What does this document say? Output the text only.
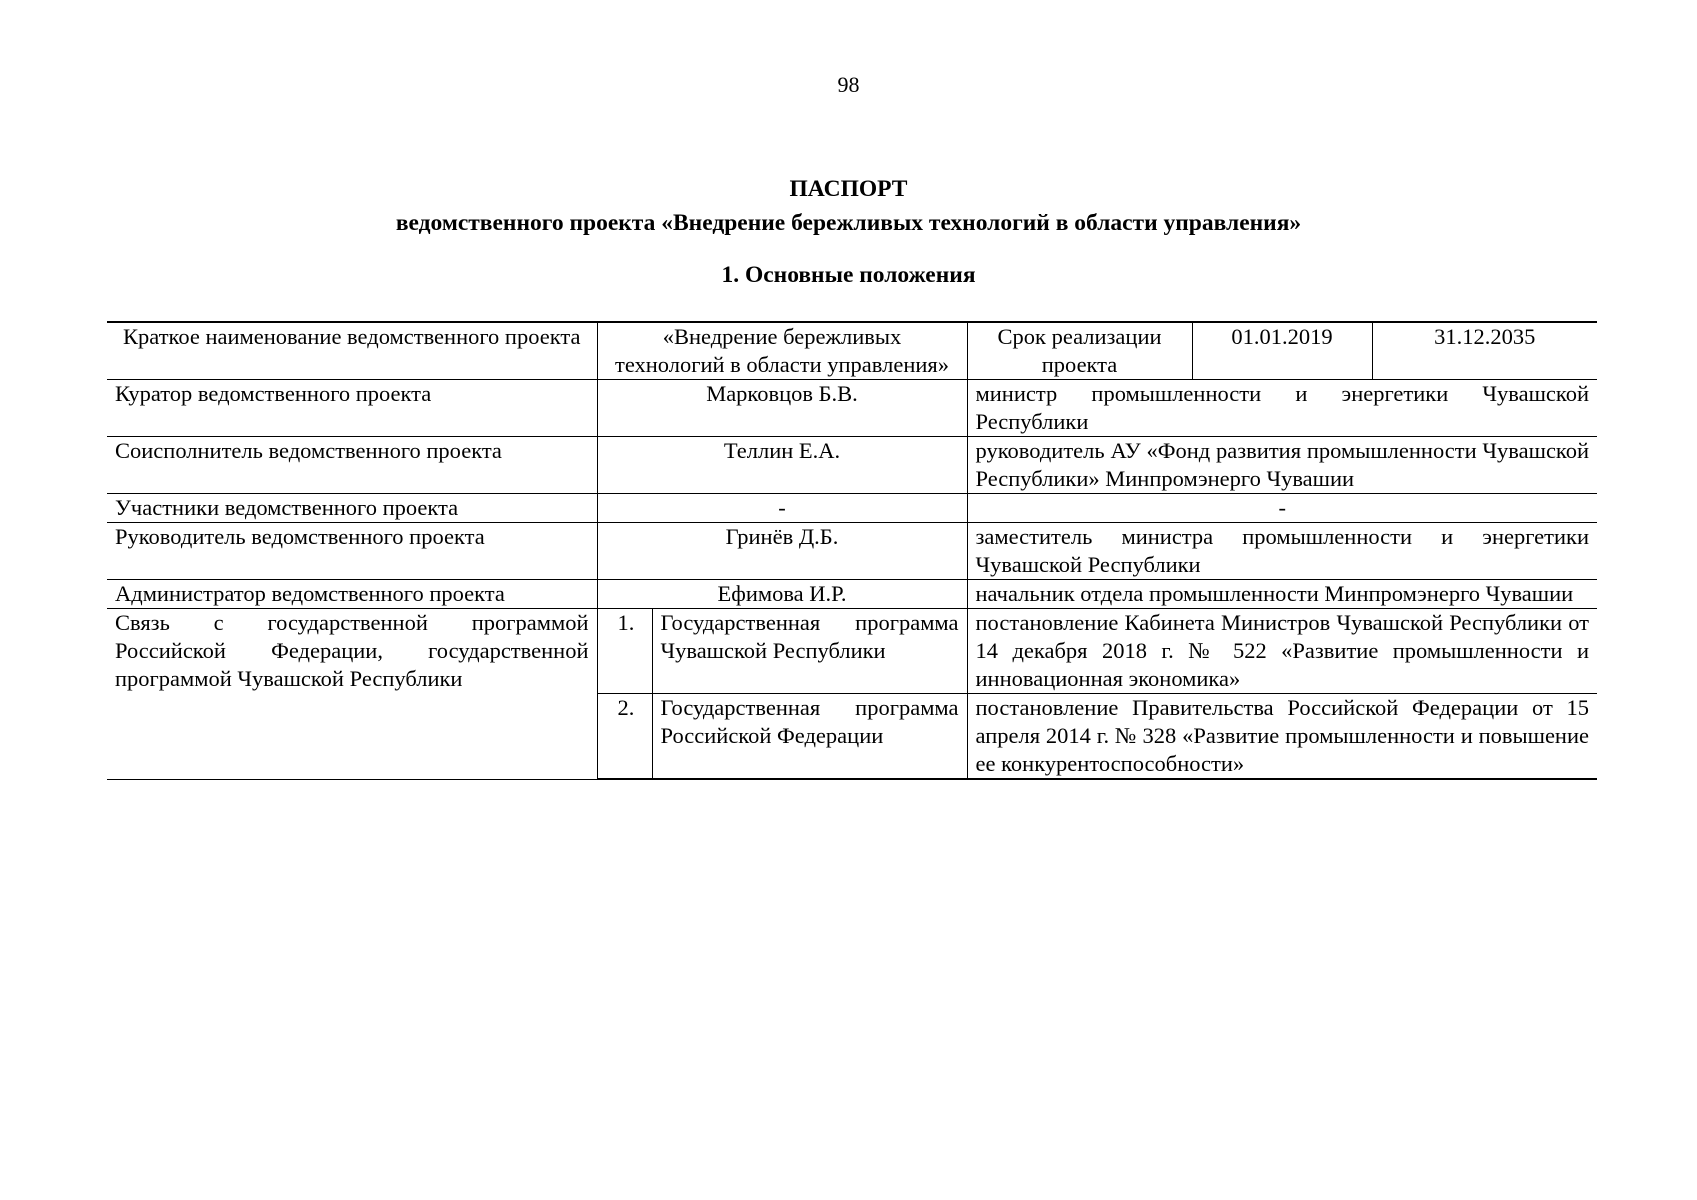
98
ПАСПОРТ
ведомственного проекта «Внедрение бережливых технологий в области управления»
1. Основные положения
Краткое наименование ведомственного проекта	«Внедрение бережливых технологий в области управления»		Срок реализации проекта	01.01.2019	31.12.2035
Куратор ведомственного проекта	Марковцов Б.В.		министр промышленности и энергетики Чувашской Республики		
Соисполнитель ведомственного проекта	Теллин Е.А.		руководитель АУ «Фонд развития промышленности Чувашской Республики» Минпромэнерго Чувашии		
Участники ведомственного проекта	-		-		
Руководитель ведомственного проекта	Гринёв Д.Б.		заместитель министра промышленности и энергетики Чувашской Республики		
Администратор ведомственного проекта	Ефимова И.Р.		начальник отдела промышленности Минпромэнерго Чувашии		
Связь с государственной программой Российской Федерации, государственной программой Чувашской Республики	1.	Государственная программа Чувашской Республики	постановление Кабинета Министров Чувашской Республики от 14 декабря 2018 г. № 522 «Развитие промышленности и инновационная экономика»		
	2.	Государственная программа Российской Федерации	постановление Правительства Российской Федерации от 15 апреля 2014 г. № 328 «Развитие промышленности и повышение ее конкурентоспособности»		
